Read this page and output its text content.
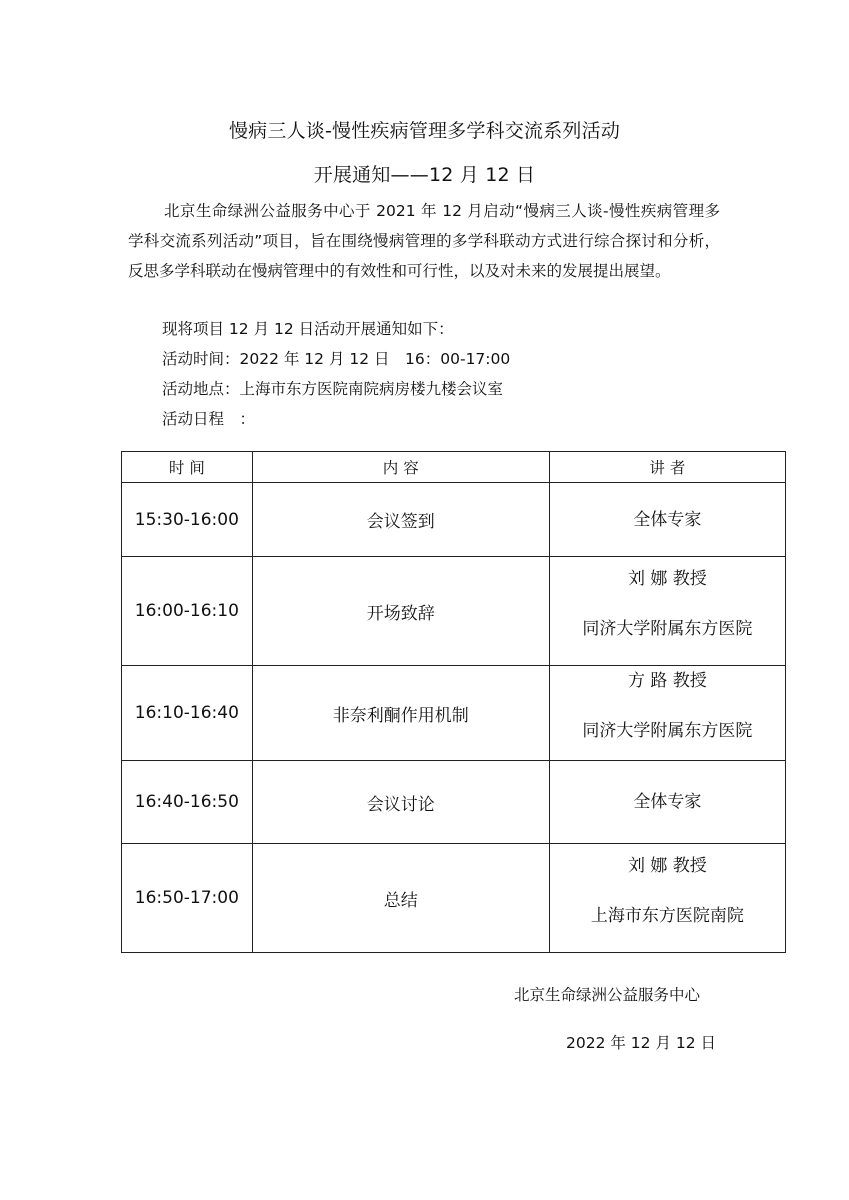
慢病三人谈-慢性疾病管理多学科交流系列活动
开展通知——12 月 12 日

北京生命绿洲公益服务中心于 2021 年 12 月启动“慢病三人谈-慢性疾病管理多学科交流系列活动”项目，旨在围绕慢病管理的多学科联动方式进行综合探讨和分析，反思多学科联动在慢病管理中的有效性和可行性，以及对未来的发展提出展望。

现将项目 12 月 12 日活动开展通知如下：

活动时间：2022 年 12 月 12 日　16：00-17:00

活动地点：上海市东方医院南院病房楼九楼会议室

活动日程　：

时 间	内 容	讲 者
15:30-16:00	会议签到	全体专家

16:00-16:10	开场致辞	刘 娜 教授
同济大学附属东方医院

16:10-16:40	非奈利酮作用机制	方 路 教授
同济大学附属东方医院

16:40-16:50	会议讨论	全体专家

16:50-17:00	总结	刘 娜 教授
上海市东方医院南院
北京生命绿洲公益服务中心
2022 年 12 月 12 日
